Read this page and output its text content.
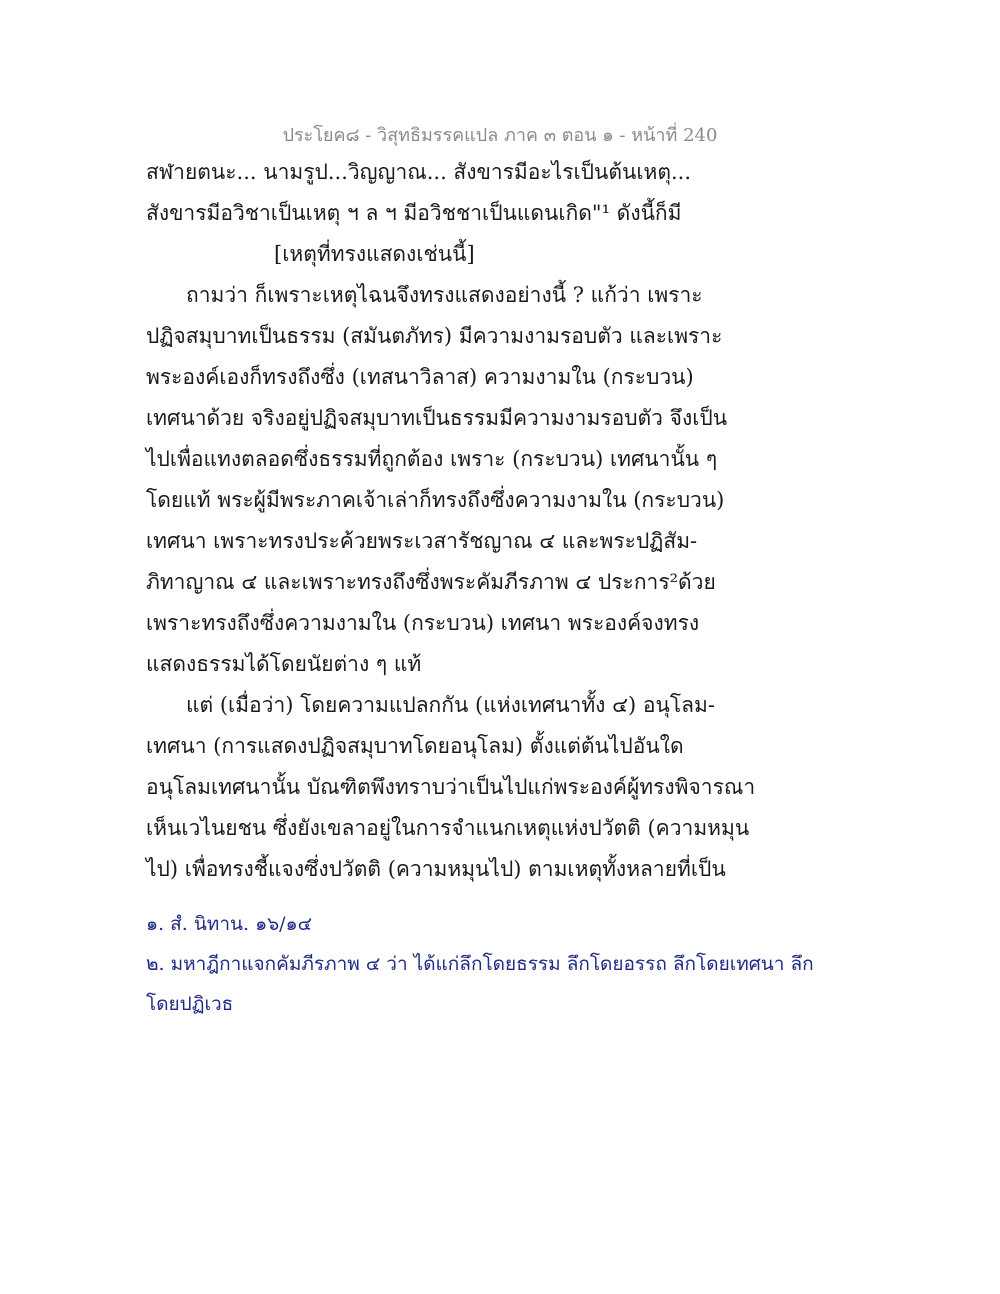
ประโยค๘ - วิสุทธิมรรคแปล ภาค ๓ ตอน ๑ - หน้าที่ 240
สฬายตนะ... นามรูป...วิญญาณ... สังขารมีอะไรเป็นต้นเหตุ...
สังขารมีอวิชาเป็นเหตุ ฯ ล ฯ มีอวิชชาเป็นแดนเกิด"¹ ดังนี้ก็มี
[เหตุที่ทรงแสดงเช่นนี้]
ถามว่า ก็เพราะเหตุไฉนจึงทรงแสดงอย่างนี้ ? แก้ว่า เพราะ
ปฏิจสมุบาทเป็นธรรม (สมันตภัทร) มีความงามรอบตัว และเพราะ
พระองค์เองก็ทรงถึงซึ่ง (เทสนาวิลาส) ความงามใน (กระบวน)
เทศนาด้วย จริงอยู่ปฏิจสมุบาทเป็นธรรมมีความงามรอบตัว จึงเป็น
ไปเพื่อแทงตลอดซึ่งธรรมที่ถูกต้อง เพราะ (กระบวน) เทศนานั้น ๆ
โดยแท้ พระผู้มีพระภาคเจ้าเล่าก็ทรงถึงซึ่งความงามใน (กระบวน)
เทศนา เพราะทรงประค้วยพระเวสารัชญาณ ๔ และพระปฏิสัม-
ภิทาญาณ ๔ และเพราะทรงถึงซึ่งพระคัมภีรภาพ ๔ ประการ²ด้วย
เพราะทรงถึงซึ่งความงามใน (กระบวน) เทศนา พระองค์จงทรง
แสดงธรรมได้โดยนัยต่าง ๆ แท้
แต่ (เมื่อว่า) โดยความแปลกกัน (แห่งเทศนาทั้ง ๔) อนุโลม-
เทศนา (การแสดงปฏิจสมุบาทโดยอนุโลม) ตั้งแต่ต้นไปอันใด
อนุโลมเทศนานั้น บัณฑิตพึงทราบว่าเป็นไปแก่พระองค์ผู้ทรงพิจารณา
เห็นเวไนยชน ซึ่งยังเขลาอยู่ในการจำแนกเหตุแห่งปวัตติ (ความหมุน
ไป) เพื่อทรงชี้แจงซึ่งปวัตติ (ความหมุนไป) ตามเหตุทั้งหลายที่เป็น
๑. สํ. นิทาน. ๑๖/๑๔
๒. มหาฎีกาแจกคัมภีรภาพ ๔ ว่า ได้แก่ลึกโดยธรรม ลึกโดยอรรถ ลึกโดยเทศนา ลึก
โดยปฏิเวธ
